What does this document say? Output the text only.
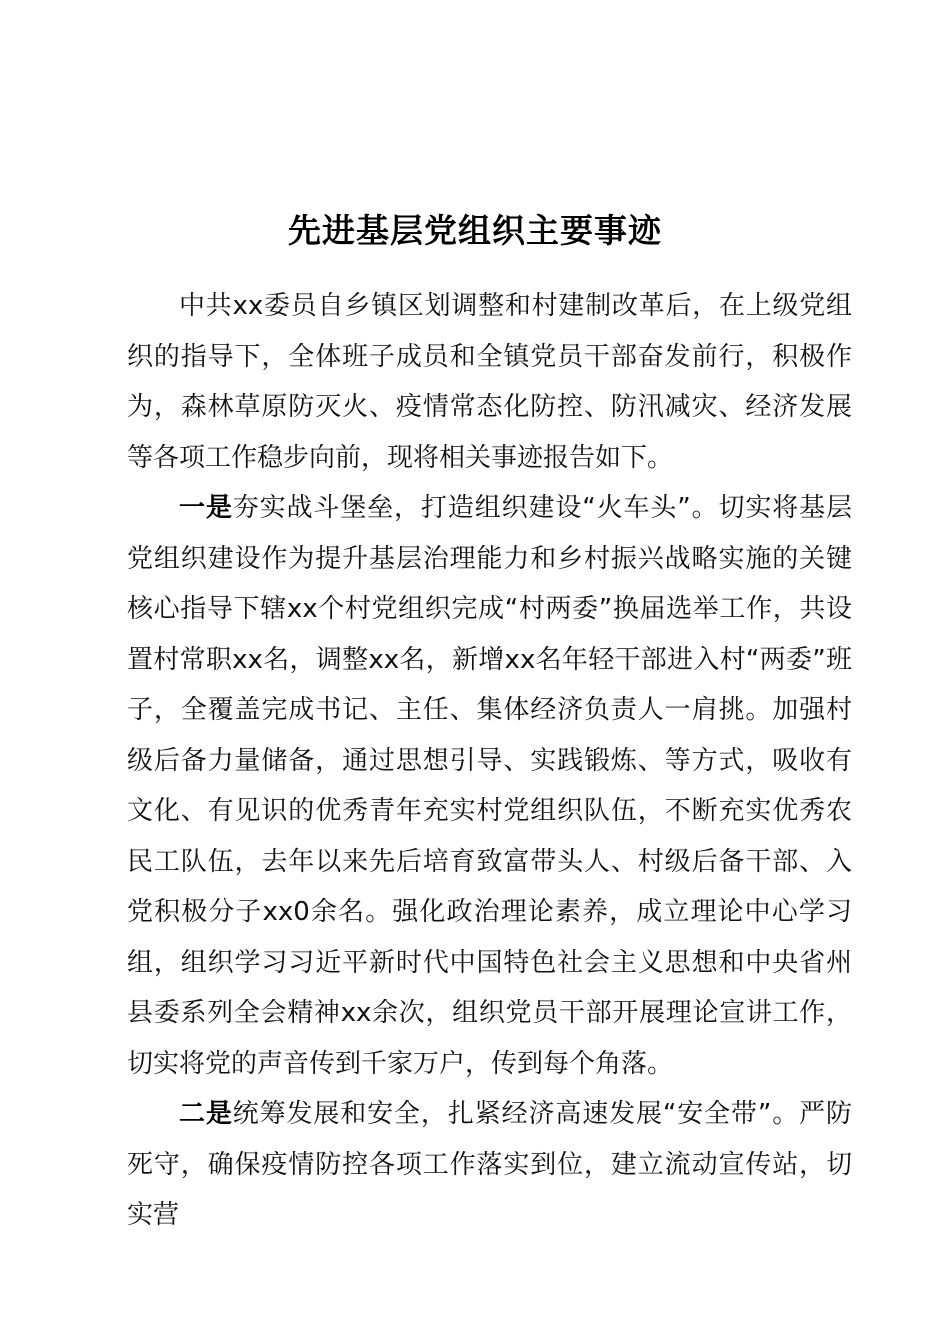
先进基层党组织主要事迹

中共xx委员自乡镇区划调整和村建制改革后，在上级党组织的指导下，全体班子成员和全镇党员干部奋发前行，积极作为，森林草原防灭火、疫情常态化防控、防汛减灾、经济发展等各项工作稳步向前，现将相关事迹报告如下。

一是夯实战斗堡垒，打造组织建设“火车头”。切实将基层党组织建设作为提升基层治理能力和乡村振兴战略实施的关键核心指导下辖xx个村党组织完成“村两委”换届选举工作，共设置村常职xx名，调整xx名，新增xx名年轻干部进入村“两委”班子，全覆盖完成书记、主任、集体经济负责人一肩挑。加强村级后备力量储备，通过思想引导、实践锻炼、等方式，吸收有文化、有见识的优秀青年充实村党组织队伍，不断充实优秀农民工队伍，去年以来先后培育致富带头人、村级后备干部、入党积极分子xx0余名。强化政治理论素养，成立理论中心学习组，组织学习习近平新时代中国特色社会主义思想和中央省州县委系列全会精神xx余次，组织党员干部开展理论宣讲工作，切实将党的声音传到千家万户，传到每个角落。

二是统筹发展和安全，扎紧经济高速发展“安全带”。严防死守，确保疫情防控各项工作落实到位，建立流动宣传站，切实营
